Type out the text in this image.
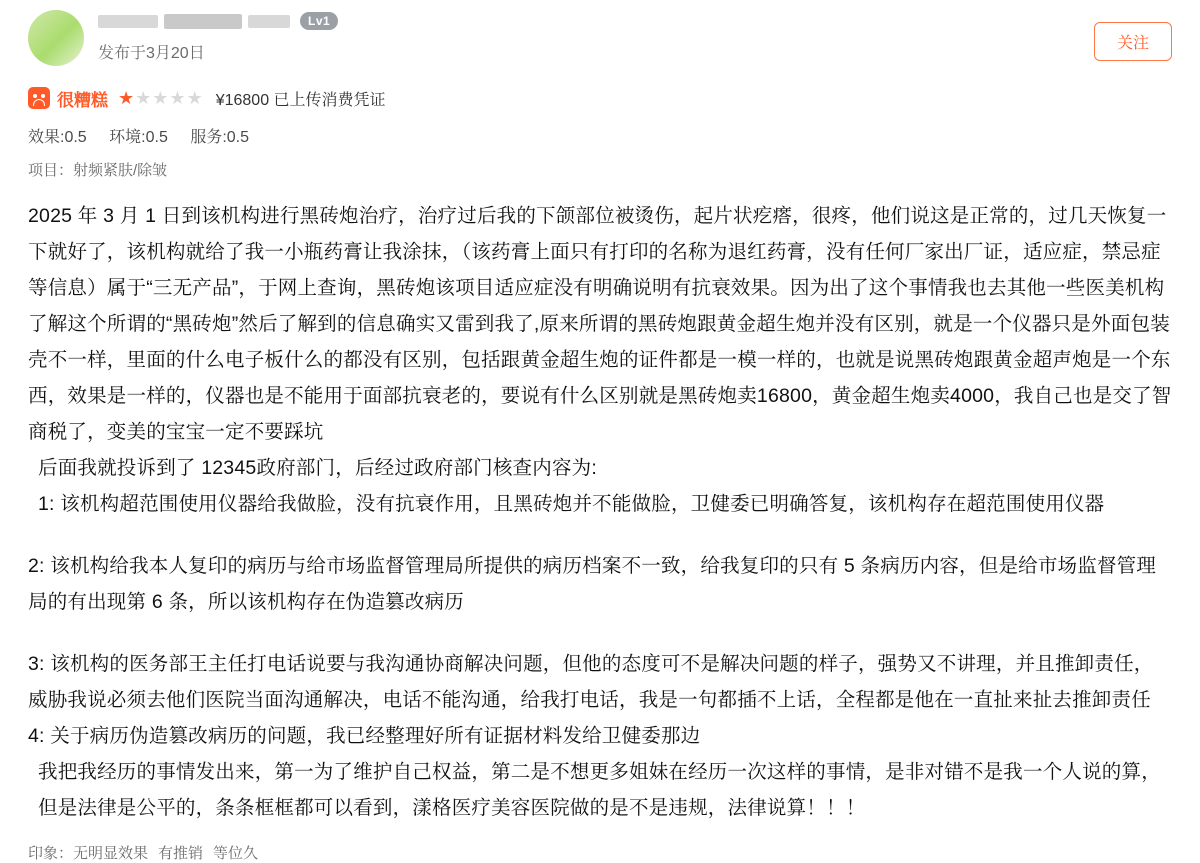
Lv1
发布于3月20日
关注
很糟糕 ★ ★ ★ ★ ★ ¥16800 已上传消费凭证
效果:0.5 环境:0.5 服务:0.5
项目：射频紧肤/除皱

2025 年 3 月 1 日到该机构进行黑砖炮治疗，治疗过后我的下颌部位被烫伤，起片状疙瘩，很疼，他们说这是正常的，过几天恢复一下就好了，该机构就给了我一小瓶药膏让我涂抹，（该药膏上面只有打印的名称为退红药膏，没有任何厂家出厂证，适应症，禁忌症等信息）属于“三无产品”，于网上查询，黑砖炮该项目适应症没有明确说明有抗衰效果。因为出了这个事情我也去其他一些医美机构了解这个所谓的“黑砖炮”然后了解到的信息确实又雷到我了,原来所谓的黑砖炮跟黄金超生炮并没有区别，就是一个仪器只是外面包装壳不一样，里面的什么电子板什么的都没有区别，包括跟黄金超生炮的证件都是一模一样的，也就是说黑砖炮跟黄金超声炮是一个东西，效果是一样的，仪器也是不能用于面部抗衰老的，要说有什么区别就是黑砖炮卖16800，黄金超生炮卖4000，我自己也是交了智商税了，变美的宝宝一定不要踩坑

后面我就投诉到了 12345政府部门，后经过政府部门核查内容为:

1: 该机构超范围使用仪器给我做脸，没有抗衰作用，且黑砖炮并不能做脸，卫健委已明确答复，该机构存在超范围使用仪器

2: 该机构给我本人复印的病历与给市场监督管理局所提供的病历档案不一致，给我复印的只有 5 条病历内容，但是给市场监督管理局的有出现第 6 条，所以该机构存在伪造篡改病历

3: 该机构的医务部王主任打电话说要与我沟通协商解决问题，但他的态度可不是解决问题的样子，强势又不讲理，并且推卸责任，威胁我说必须去他们医院当面沟通解决，电话不能沟通，给我打电话，我是一句都插不上话，全程都是他在一直扯来扯去推卸责任

4: 关于病历伪造篡改病历的问题，我已经整理好所有证据材料发给卫健委那边

我把我经历的事情发出来，第一为了维护自己权益，第二是不想更多姐妹在经历一次这样的事情，是非对错不是我一个人说的算，但是法律是公平的，条条框框都可以看到，漾格医疗美容医院做的是不是违规，法律说算！！！

印象：无明显效果 有推销 等位久
